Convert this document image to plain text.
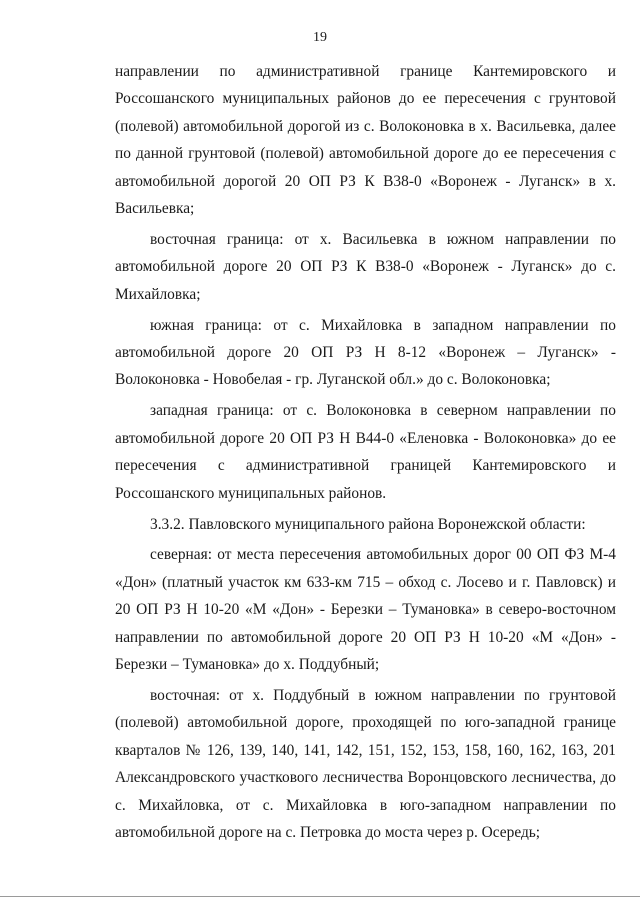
19

направлении по административной границе Кантемировского и Россошанского муниципальных районов до ее пересечения с грунтовой (полевой) автомобильной дорогой из с. Волоконовка в х. Васильевка, далее по данной грунтовой (полевой) автомобильной дороге до ее пересечения с автомобильной дорогой 20 ОП РЗ К В38-0 «Воронеж - Луганск» в х. Васильевка;

восточная граница: от х. Васильевка в южном направлении по автомобильной дороге 20 ОП РЗ К В38-0 «Воронеж - Луганск» до с. Михайловка;

южная граница: от с. Михайловка в западном направлении по автомобильной дороге 20 ОП РЗ Н 8-12 «Воронеж – Луганск» - Волоконовка - Новобелая - гр. Луганской обл.» до с. Волоконовка;

западная граница: от с. Волоконовка в северном направлении по автомобильной дороге 20 ОП РЗ Н В44-0 «Еленовка - Волоконовка» до ее пересечения с административной границей Кантемировского и Россошанского муниципальных районов.

3.3.2. Павловского муниципального района Воронежской области:

северная: от места пересечения автомобильных дорог 00 ОП ФЗ М-4 «Дон» (платный участок км 633-км 715 – обход с. Лосево и г. Павловск) и 20 ОП РЗ Н 10-20 «М «Дон» - Березки – Тумановка» в северо-восточном направлении по автомобильной дороге 20 ОП РЗ Н 10-20 «М «Дон» - Березки – Тумановка» до х. Поддубный;

восточная: от х. Поддубный в южном направлении по грунтовой (полевой) автомобильной дороге, проходящей по юго-западной границе кварталов № 126, 139, 140, 141, 142, 151, 152, 153, 158, 160, 162, 163, 201 Александровского участкового лесничества Воронцовского лесничества, до с. Михайловка, от с. Михайловка в юго-западном направлении по автомобильной дороге на с. Петровка до моста через р. Осередь;
